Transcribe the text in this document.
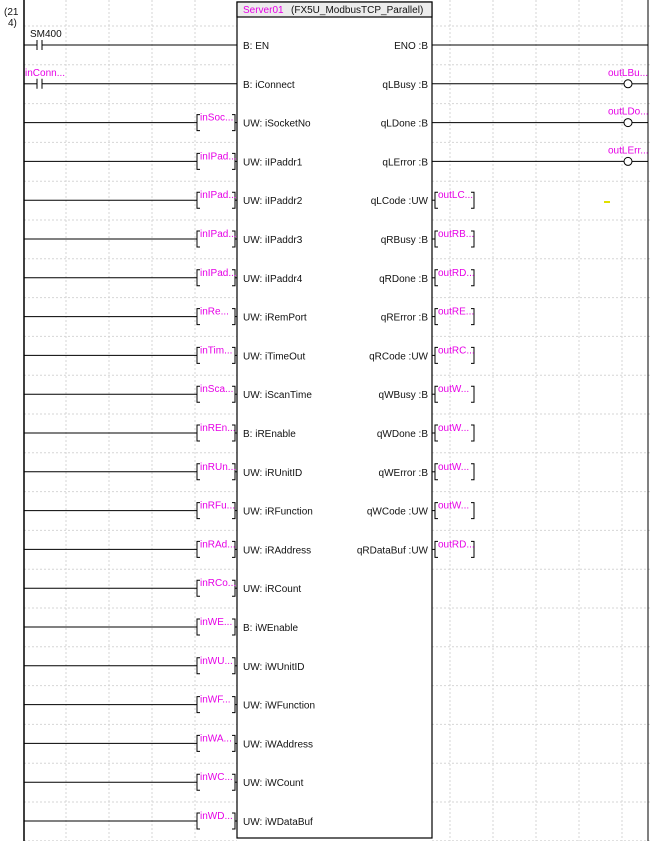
Server01 (FX5U_ModbusTCP_Parallel)
(21
4)
B: EN
B: iConnect
inSoc...
UW: iSocketNo
inIPad...
UW: iIPaddr1
inIPad...
UW: iIPaddr2
inIPad...
UW: iIPaddr3
inIPad...
UW: iIPaddr4
inRe...
UW: iRemPort
inTim...
UW: iTimeOut
inSca...
UW: iScanTime
inREn...
B: iREnable
inRUn...
UW: iRUnitID
inRFu...
UW: iRFunction
inRAd...
UW: iRAddress
inRCo...
UW: iRCount
inWE...
B: iWEnable
inWU...
UW: iWUnitID
inWF...
UW: iWFunction
inWA...
UW: iWAddress
inWC...
UW: iWCount
inWD...
UW: iWDataBuf
ENO :B
qLBusy :B
outLBu...
qLDone :B
outLDo...
qLError :B
outLErr...
qLCode :UW
outLC...
qRBusy :B
outRB...
qRDone :B
outRD...
qRError :B
outRE...
qRCode :UW
outRC...
qWBusy :B
outW...
qWDone :B
outW...
qWError :B
outW...
qWCode :UW
outW...
qRDataBuf :UW
outRD...
SM400
inConn...
